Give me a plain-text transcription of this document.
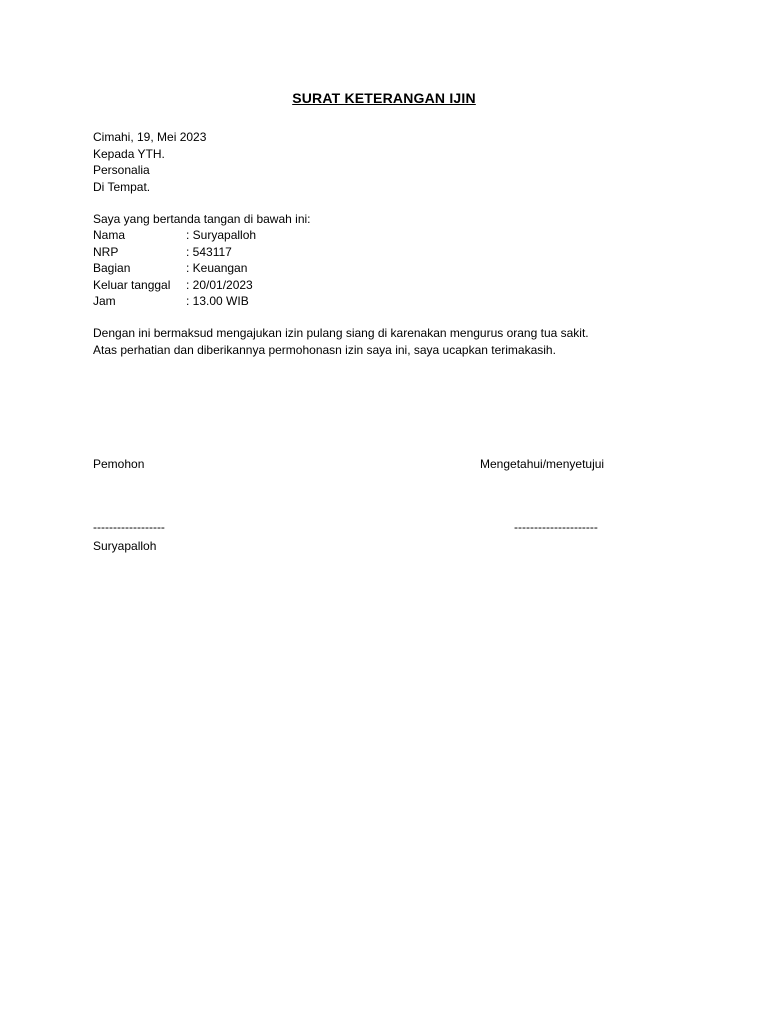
SURAT KETERANGAN IJIN

Cimahi, 19, Mei 2023

Kepada YTH.

Personalia

Di Tempat.

Saya yang bertanda tangan di bawah ini:
Nama	: Suryapalloh
NRP	: 543117
Bagian	: Keuangan
Keluar tanggal	: 20/01/2023
Jam	: 13.00 WIB

Dengan ini bermaksud mengajukan izin pulang siang di karenakan mengurus orang tua sakit.

Atas perhatian dan diberikannya permohonasn izin saya ini, saya ucapkan terimakasih.

Pemohon	Mengetahui/menyetujui
------------------	---------------------
Suryapalloh
